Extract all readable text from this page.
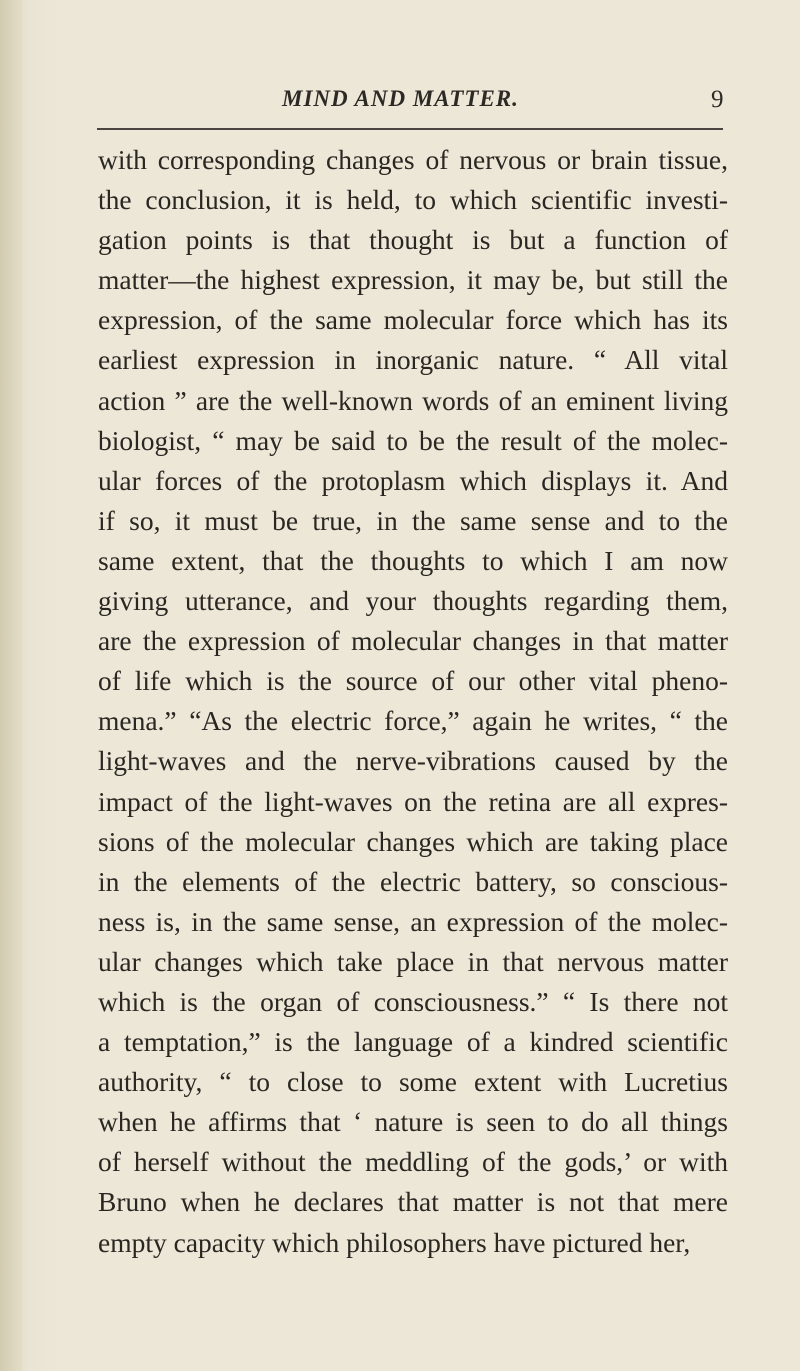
MIND AND MATTER.	9
with corresponding changes of nervous or brain tissue,
the conclusion, it is held, to which scientific investi-
gation points is that thought is but a function of
matter—the highest expression, it may be, but still the
expression, of the same molecular force which has its
earliest expression in inorganic nature. “ All vital
action ” are the well-known words of an eminent living
biologist, “ may be said to be the result of the molec-
ular forces of the protoplasm which displays it. And
if so, it must be true, in the same sense and to the
same extent, that the thoughts to which I am now
giving utterance, and your thoughts regarding them,
are the expression of molecular changes in that matter
of life which is the source of our other vital pheno-
mena.” “As the electric force,” again he writes, “ the
light-waves and the nerve-vibrations caused by the
impact of the light-waves on the retina are all expres-
sions of the molecular changes which are taking place
in the elements of the electric battery, so conscious-
ness is, in the same sense, an expression of the molec-
ular changes which take place in that nervous matter
which is the organ of consciousness.” “ Is there not
a temptation,” is the language of a kindred scientific
authority, “ to close to some extent with Lucretius
when he affirms that ‘ nature is seen to do all things
of herself without the meddling of the gods,’ or with
Bruno when he declares that matter is not that mere
empty capacity which philosophers have pictured her,
